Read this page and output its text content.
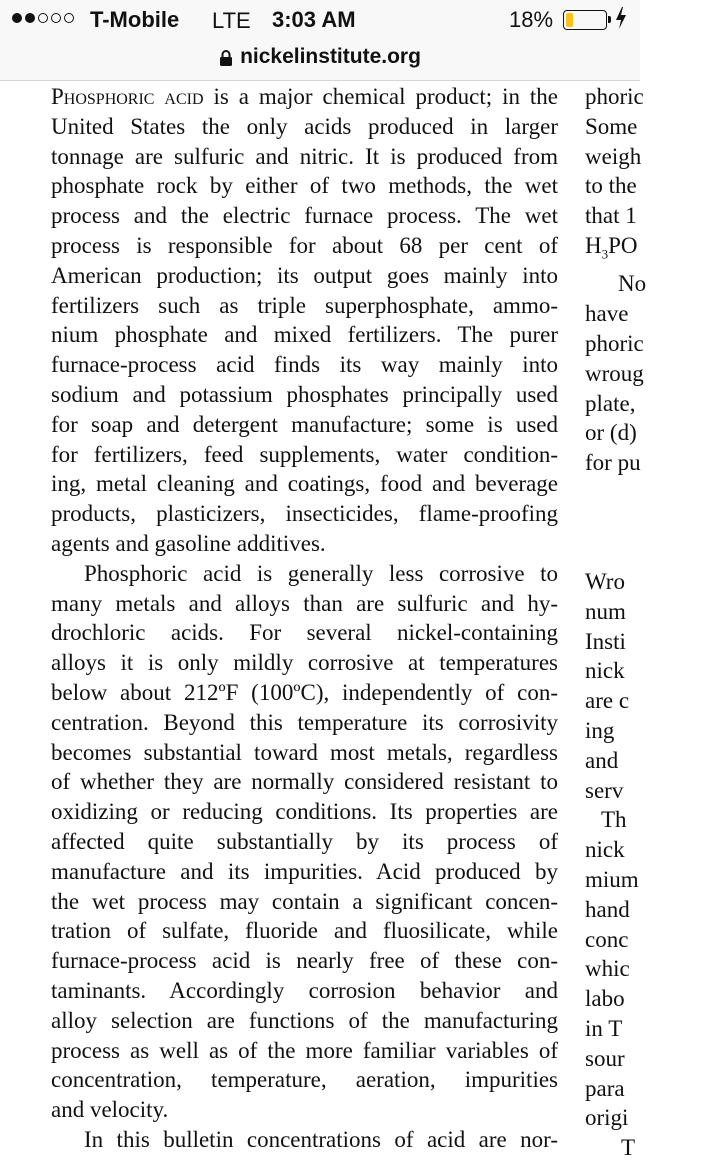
T-Mobile LTE 3:03 AM	18%
nickelinstitute.org
Phosphoric acid is a major chemical product; in the
United States the only acids produced in larger
tonnage are sulfuric and nitric. It is produced from
phosphate rock by either of two methods, the wet
process and the electric furnace process. The wet
process is responsible for about 68 per cent of
American production; its output goes mainly into
fertilizers such as triple superphosphate, ammo-
nium phosphate and mixed fertilizers. The purer
furnace-process acid finds its way mainly into
sodium and potassium phosphates principally used
for soap and detergent manufacture; some is used
for fertilizers, feed supplements, water condition-
ing, metal cleaning and coatings, food and beverage
products, plasticizers, insecticides, flame-proofing
agents and gasoline additives.
Phosphoric acid is generally less corrosive to
many metals and alloys than are sulfuric and hy-
drochloric acids. For several nickel-containing
alloys it is only mildly corrosive at temperatures
below about 212ºF (100ºC), independently of con-
centration. Beyond this temperature its corrosivity
becomes substantial toward most metals, regardless
of whether they are normally considered resistant to
oxidizing or reducing conditions. Its properties are
affected quite substantially by its process of
manufacture and its impurities. Acid produced by
the wet process may contain a significant concen-
tration of sulfate, fluoride and fluosilicate, while
furnace-process acid is nearly free of these con-
taminants. Accordingly corrosion behavior and
alloy selection are functions of the manufacturing
process as well as of the more familiar variables of
concentration, temperature, aeration, impurities
and velocity.
In this bulletin concentrations of acid are nor-
phoric
Some
weigh
to the
that 1
$H_3PO$
No
have
phoric
wroug
plate,
or (d)
for pu
Wro
num
Insti
nick
are c
ing
and
serv
Th
nick
mium
hand
conc
whic
labo
in T
sour
para
origi
T
